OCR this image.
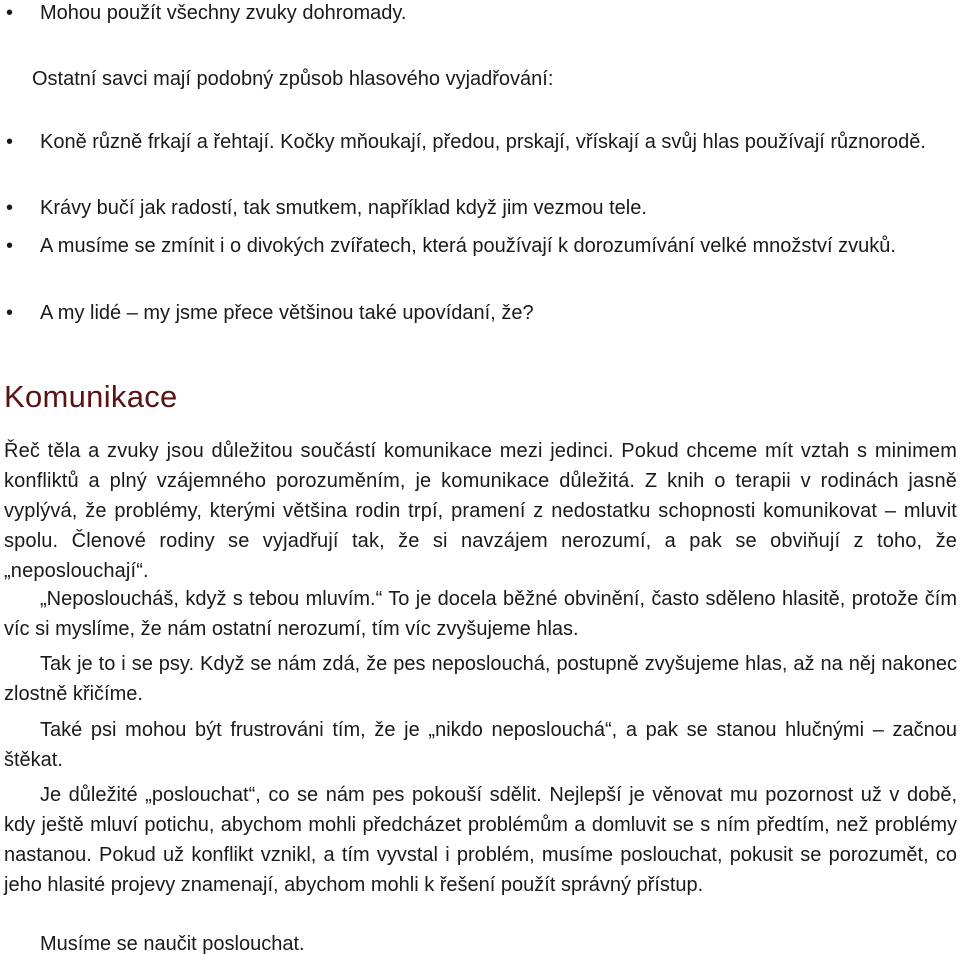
•	Mohou použít všechny zvuky dohromady.
Ostatní savci mají podobný způsob hlasového vyjadřování:
•	Koně různě frkají a řehtají. Kočky mňoukají, předou, prskají, vřískají a svůj hlas používají různorodě.
•	Krávy bučí jak radostí, tak smutkem, například když jim vezmou tele.
•	A musíme se zmínit i o divokých zvířatech, která používají k dorozumívání velké množství zvuků.
•	A my lidé – my jsme přece většinou také upovídaní, že?
Komunikace

Řeč těla a zvuky jsou důležitou součástí komunikace mezi jedinci. Pokud chceme mít vztah s minimem konfliktů a plný vzájemného porozuměním, je komunikace důležitá. Z knih o terapii v rodinách jasně vyplývá, že problémy, kterými většina rodin trpí, pramení z nedostatku schopnosti komunikovat – mluvit spolu. Členové rodiny se vyjadřují tak, že si navzájem nerozumí, a pak se obviňují z toho, že „neposlouchají“.

„Neposloucháš, když s tebou mluvím.“ To je docela běžné obvinění, často sděleno hlasitě, protože čím víc si myslíme, že nám ostatní nerozumí, tím víc zvyšujeme hlas.

Tak je to i se psy. Když se nám zdá, že pes neposlouchá, postupně zvyšujeme hlas, až na něj nakonec zlostně křičíme.

Také psi mohou být frustrováni tím, že je „nikdo neposlouchá“, a pak se stanou hlučnými – začnou štěkat.

Je důležité „poslouchat“, co se nám pes pokouší sdělit. Nejlepší je věnovat mu pozornost už v době, kdy ještě mluví potichu, abychom mohli předcházet problémům a domluvit se s ním předtím, než problémy nastanou. Pokud už konflikt vznikl, a tím vyvstal i problém, musíme poslouchat, pokusit se porozumět, co jeho hlasité projevy znamenají, abychom mohli k řešení použít správný přístup.

Musíme se naučit poslouchat.
